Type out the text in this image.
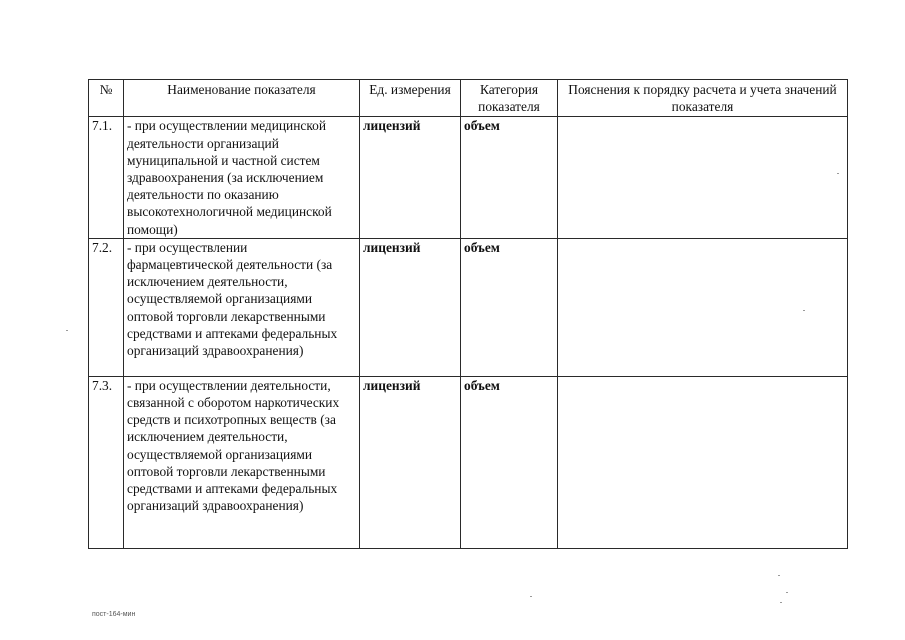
№	Наименование показателя	Ед. измерения	Категория показателя	Пояснения к порядку расчета и учета значений показателя
7.1.	- при осуществлении медицинской деятельности организаций муниципальной и частной систем здравоохранения (за исключением деятельности по оказанию высокотехнологичной медицинской помощи)	лицензий	объем	
7.2.	- при осуществлении фармацевтической деятельности (за исключением деятельности, осуществляемой организациями оптовой торговли лекарственными средствами и аптеками федеральных организаций здравоохранения)	лицензий	объем	
7.3.	- при осуществлении деятельности, связанной с оборотом наркотических средств и психотропных веществ (за исключением деятельности, осуществляемой организациями оптовой торговли лекарственными средствами и аптеками федеральных организаций здравоохранения)	лицензий	объем	
пост-164-мин
